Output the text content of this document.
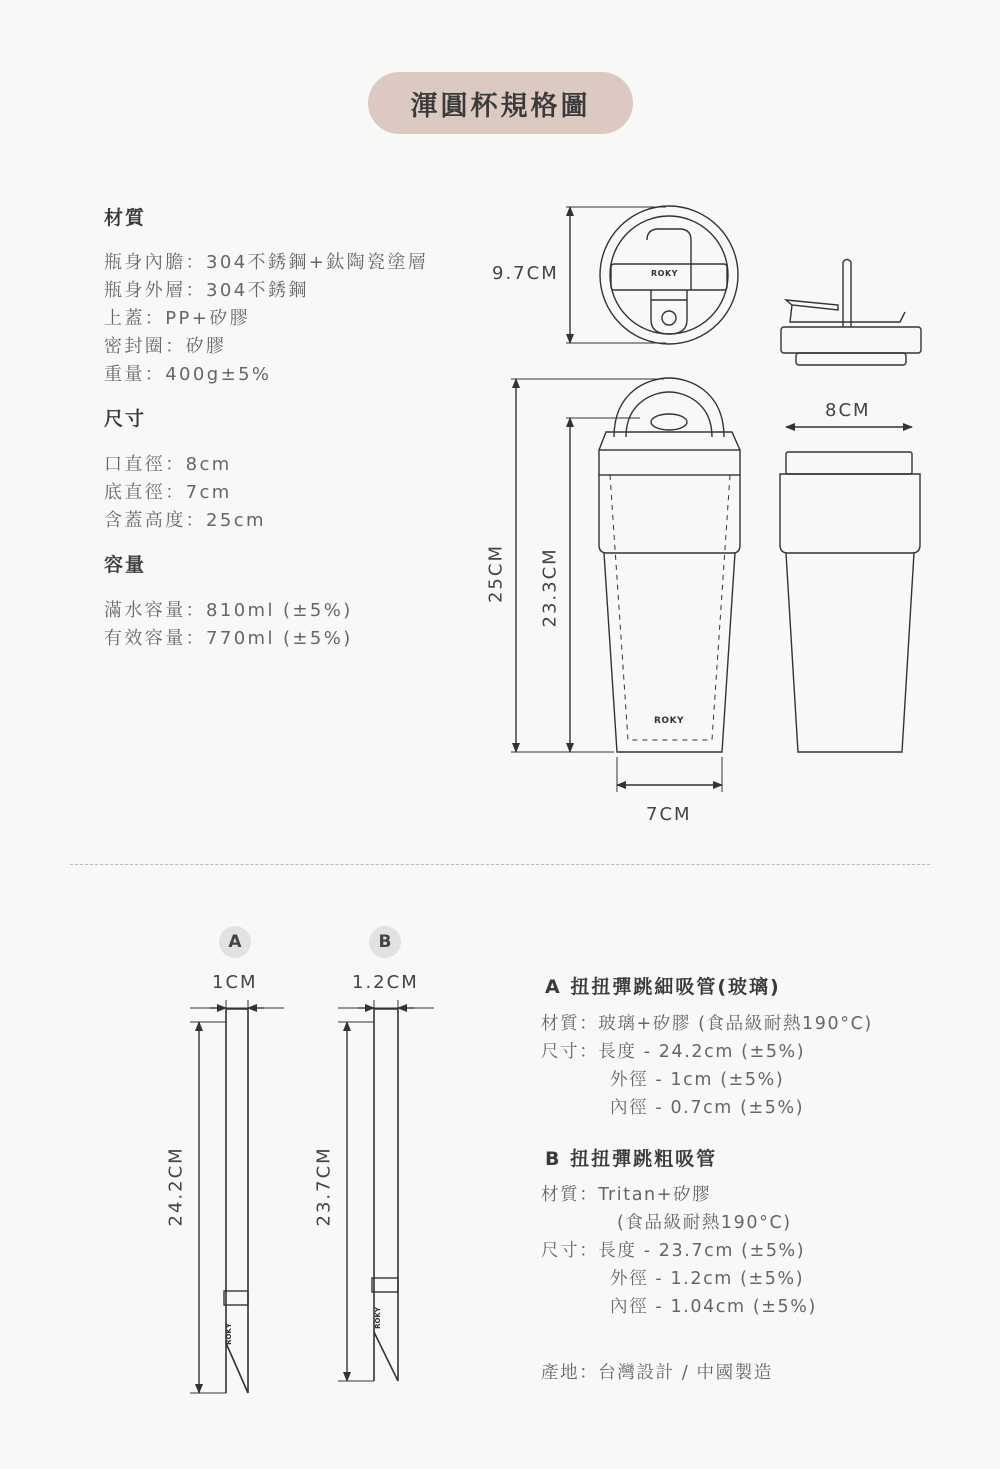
渾圓杯規格圖
材質
瓶身內膽：304不銹鋼+鈦陶瓷塗層
瓶身外層：304不銹鋼
上蓋：PP+矽膠
密封圈：矽膠
重量：400g±5%
尺寸
口直徑：8cm
底直徑：7cm
含蓋高度：25cm
容量
滿水容量：810ml (±5%)
有效容量：770ml (±5%)
9.7CM
8CM
25CM 23.3CM
7CM
ROKY
ROKY
ROKY
ROKY
A	B
1CM	1.2CM
24.2CM	23.7CM
A 扭扭彈跳細吸管(玻璃)
材質：玻璃+矽膠 (食品級耐熱190°C)
尺寸：長度 - 24.2cm (±5%)
外徑 - 1cm (±5%)
內徑 - 0.7cm (±5%)
B 扭扭彈跳粗吸管
材質：Tritan+矽膠
(食品級耐熱190°C)
尺寸：長度 - 23.7cm (±5%)
外徑 - 1.2cm (±5%)
內徑 - 1.04cm (±5%)
產地：台灣設計 / 中國製造
